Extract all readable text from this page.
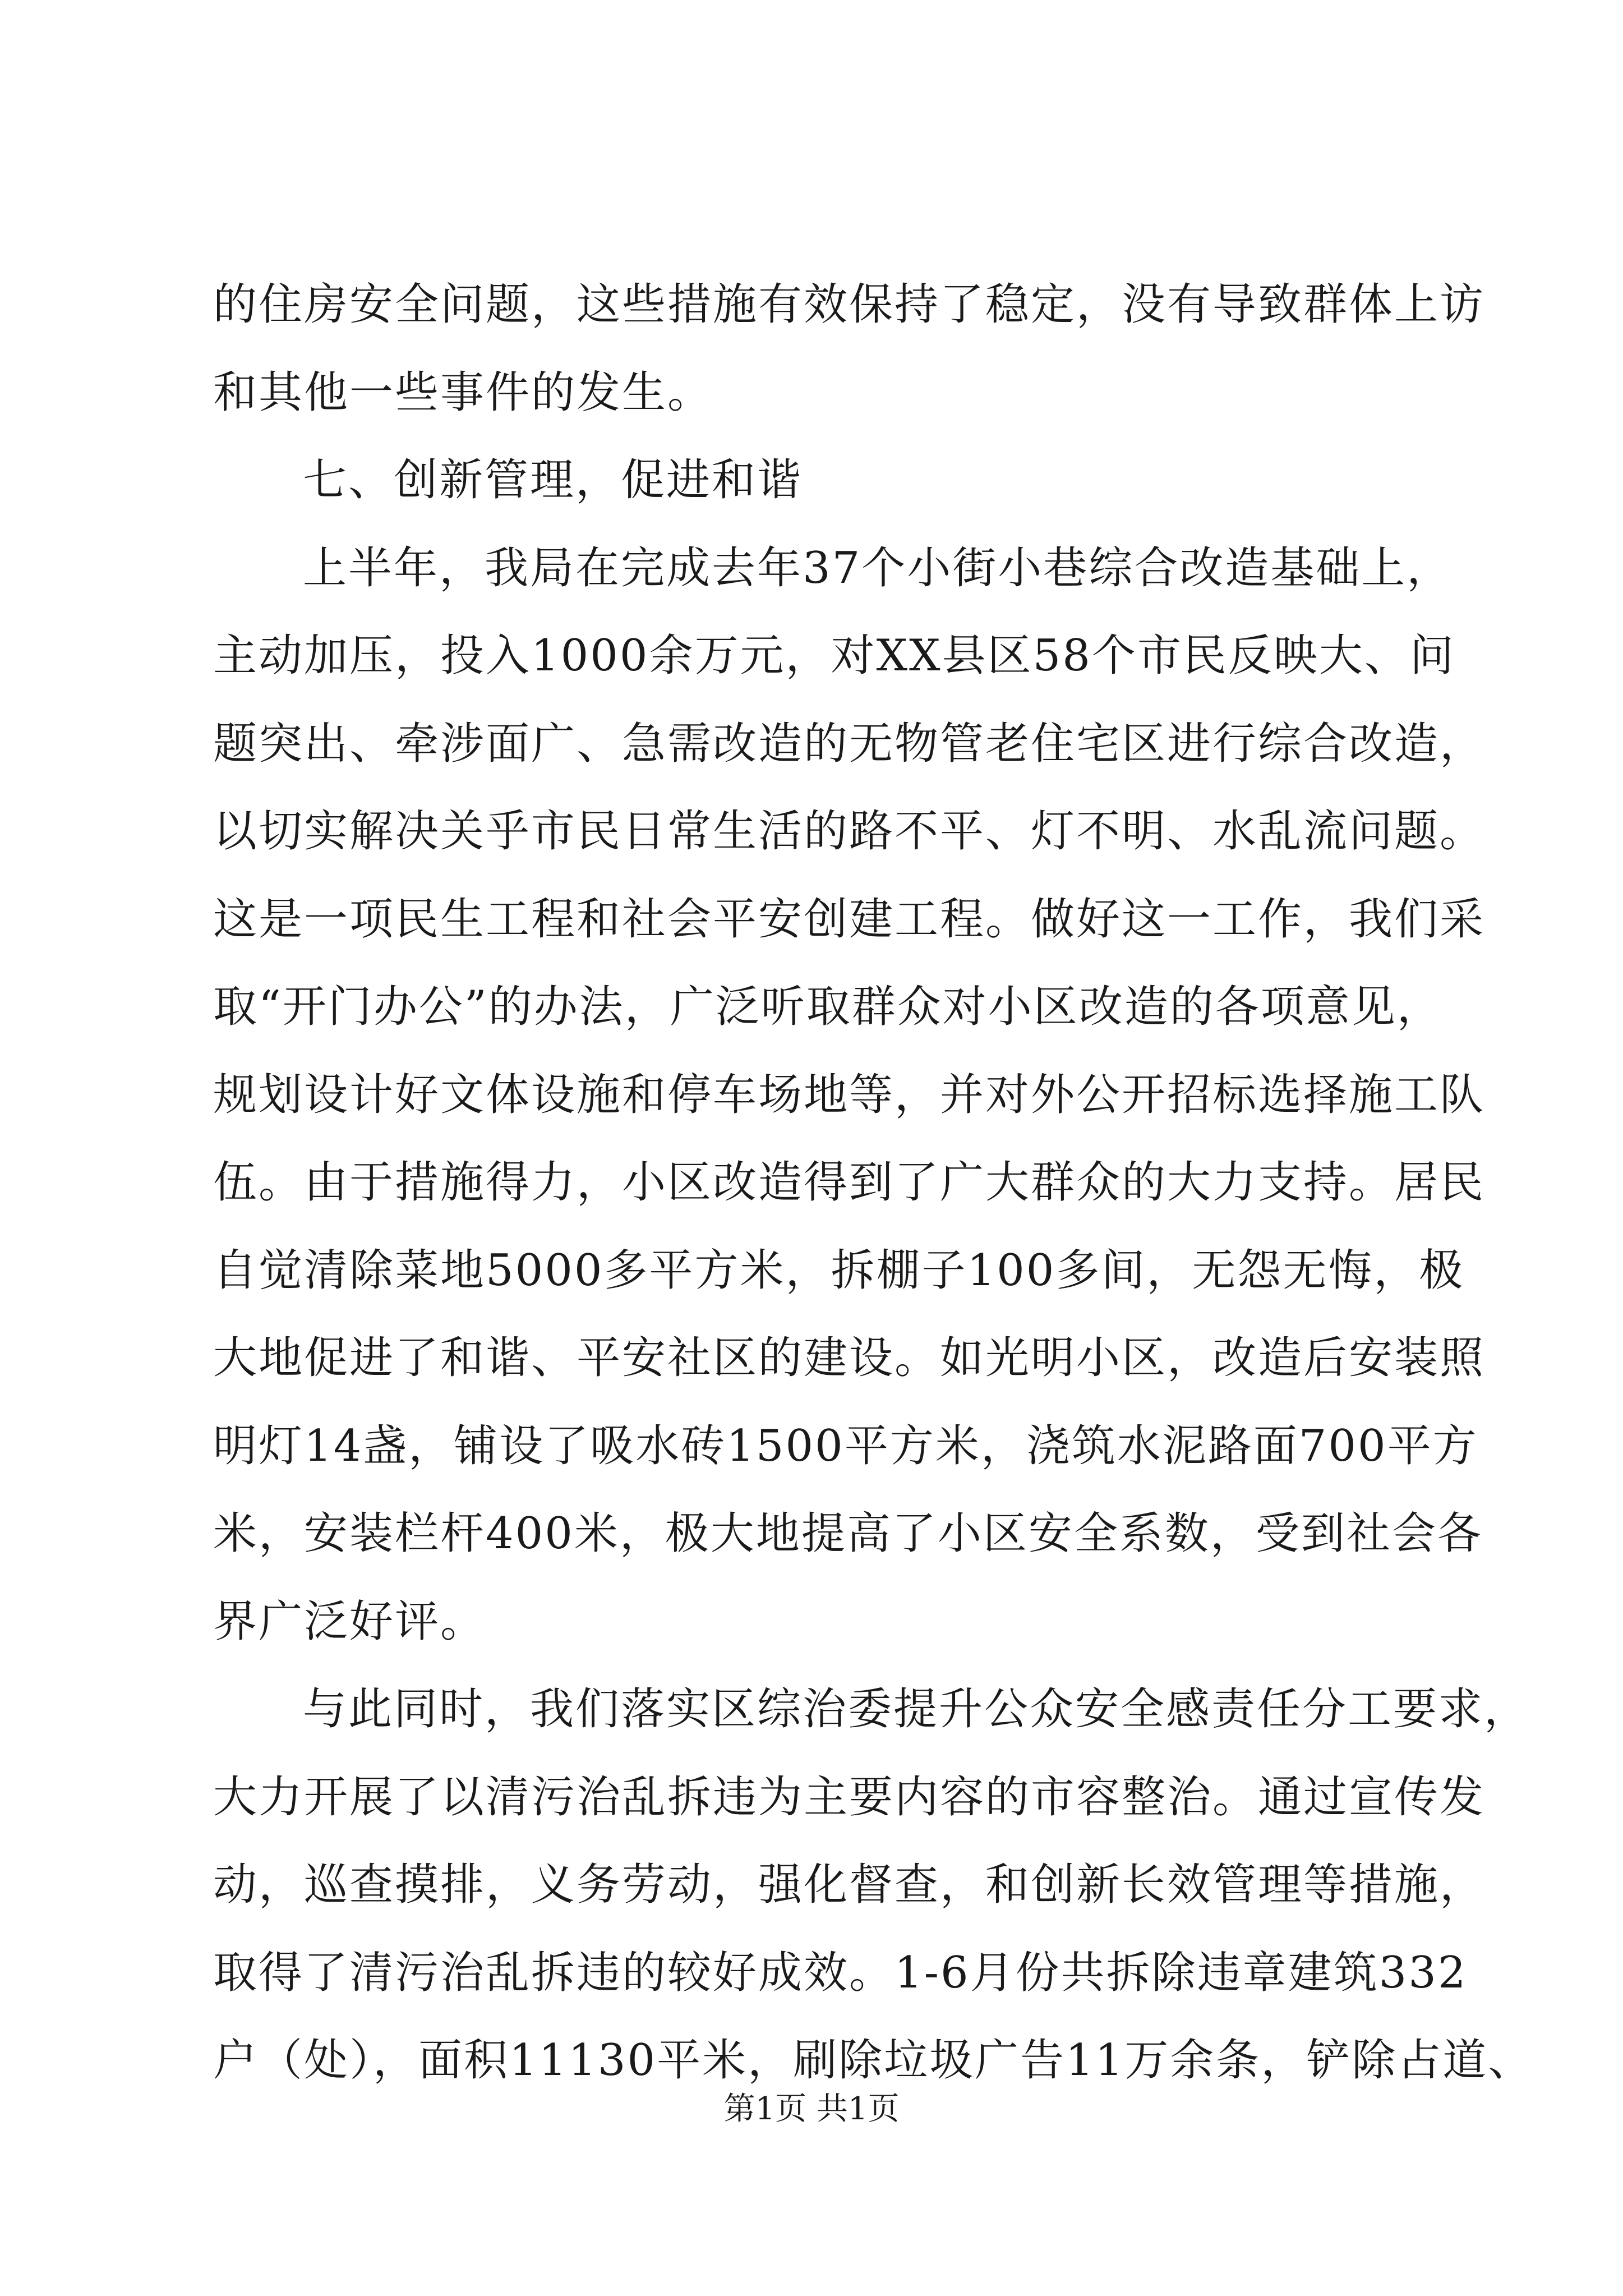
的住房安全问题，这些措施有效保持了稳定，没有导致群体上访
和其他一些事件的发生。
七、创新管理，促进和谐
上半年，我局在完成去年37个小街小巷综合改造基础上，
主动加压，投入1000余万元，对XX县区58个市民反映大、问
题突出、牵涉面广、急需改造的无物管老住宅区进行综合改造，
以切实解决关乎市民日常生活的路不平、灯不明、水乱流问题。
这是一项民生工程和社会平安创建工程。做好这一工作，我们采
取“开门办公”的办法，广泛听取群众对小区改造的各项意见，
规划设计好文体设施和停车场地等，并对外公开招标选择施工队
伍。由于措施得力，小区改造得到了广大群众的大力支持。居民
自觉清除菜地5000多平方米，拆棚子100多间，无怨无悔，极
大地促进了和谐、平安社区的建设。如光明小区，改造后安装照
明灯14盏，铺设了吸水砖1500平方米，浇筑水泥路面700平方
米，安装栏杆400米，极大地提高了小区安全系数，受到社会各
界广泛好评。
与此同时，我们落实区综治委提升公众安全感责任分工要求，
大力开展了以清污治乱拆违为主要内容的市容整治。通过宣传发
动，巡查摸排，义务劳动，强化督查，和创新长效管理等措施，
取得了清污治乱拆违的较好成效。1-6月份共拆除违章建筑332
户（处），面积11130平米，刷除垃圾广告11万余条，铲除占道、
第1页 共1页
